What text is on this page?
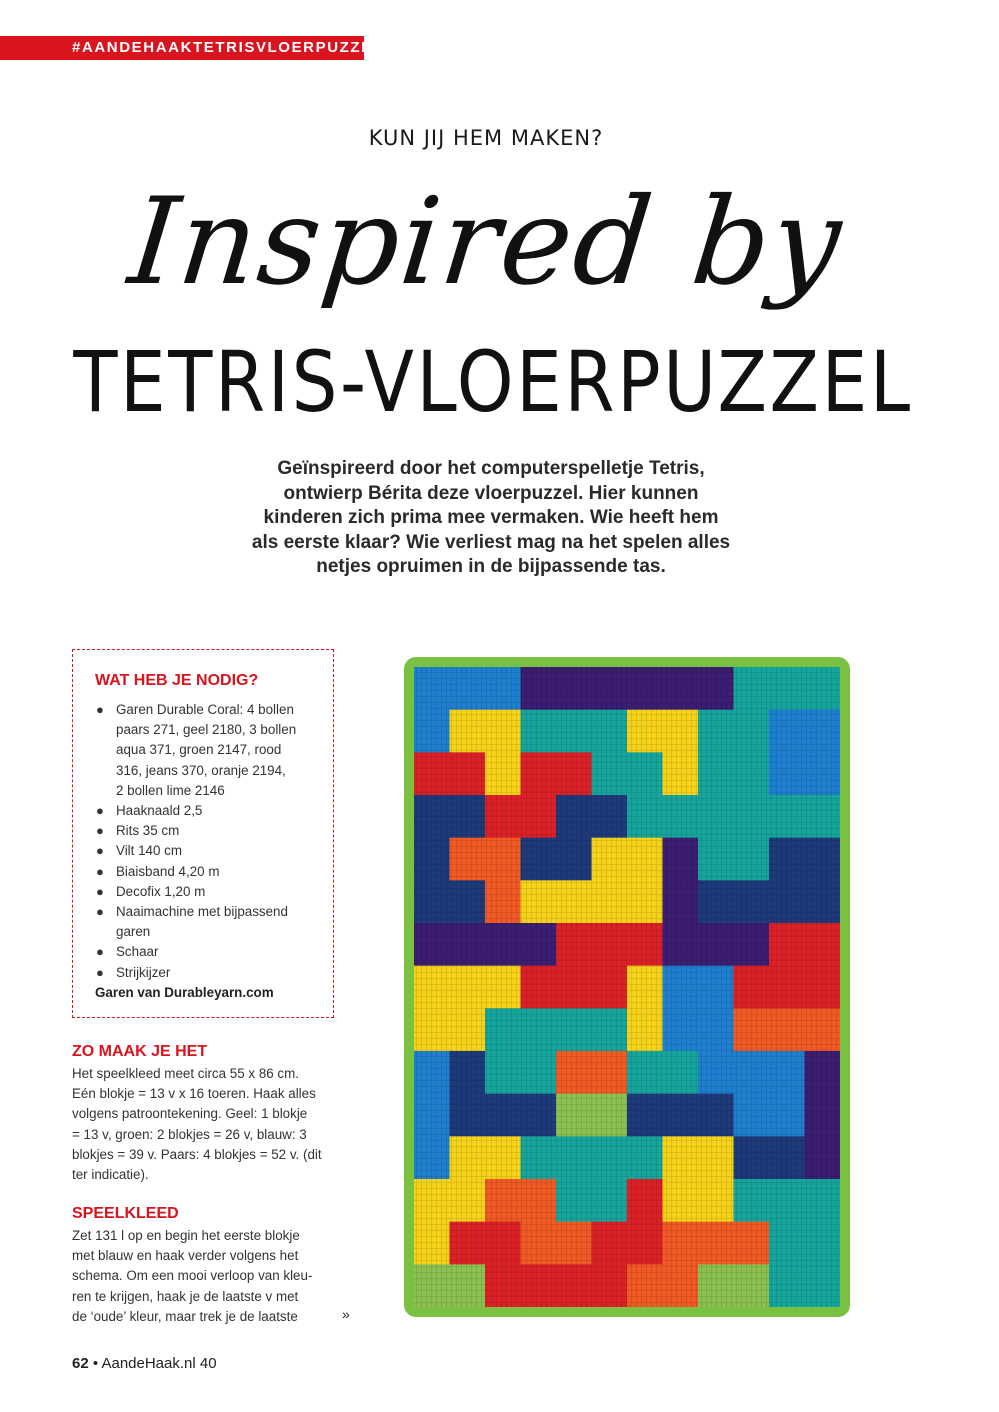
#AANDEHAAKTETRISVLOERPUZZEL
KUN JIJ HEM MAKEN?
Inspired by
TETRIS-VLOERPUZZEL
Geïnspireerd door het computerspelletje Tetris,
ontwierp Bérita deze vloerpuzzel. Hier kunnen
kinderen zich prima mee vermaken. Wie heeft hem
als eerste klaar? Wie verliest mag na het spelen alles
netjes opruimen in de bijpassende tas.
WAT HEB JE NODIG?
● Garen Durable Coral: 4 bollen
paars 271, geel 2180, 3 bollen
aqua 371, groen 2147, rood
316, jeans 370, oranje 2194,
2 bollen lime 2146
● Haaknaald 2,5
● Rits 35 cm
● Vilt 140 cm
● Biaisband 4,20 m
● Decofix 1,20 m
● Naaimachine met bijpassend
garen
● Schaar
● Strijkijzer
Garen van Durableyarn.com
ZO MAAK JE HET
Het speelkleed meet circa 55 x 86 cm.
Eén blokje = 13 v x 16 toeren. Haak alles
volgens patroontekening. Geel: 1 blokje
= 13 v, groen: 2 blokjes = 26 v, blauw: 3
blokjes = 39 v. Paars: 4 blokjes = 52 v. (dit
ter indicatie).
SPEELKLEED
Zet 131 l op en begin het eerste blokje
met blauw en haak verder volgens het
schema. Om een mooi verloop van kleu-
ren te krijgen, haak je de laatste v met
de ‘oude’ kleur, maar trek je de laatste	»
62 • AandeHaak.nl 40
